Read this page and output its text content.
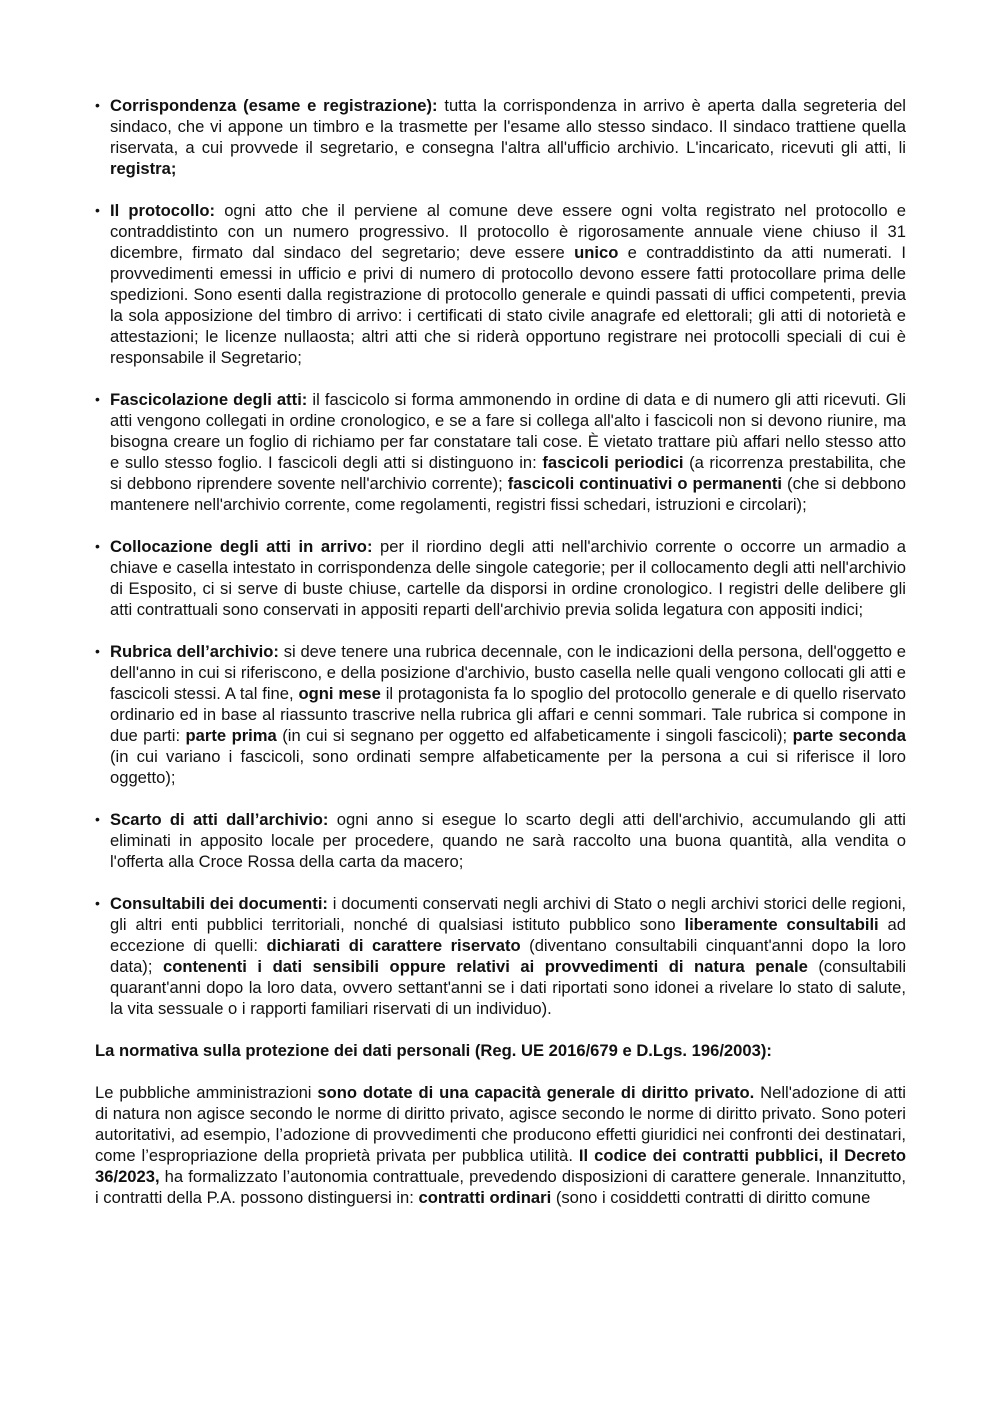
• Corrispondenza (esame e registrazione): tutta la corrispondenza in arrivo è aperta dalla segreteria del sindaco, che vi appone un timbro e la trasmette per l'esame allo stesso sindaco. Il sindaco trattiene quella riservata, a cui provvede il segretario, e consegna l'altra all'ufficio archivio. L'incaricato, ricevuti gli atti, li registra;
• Il protocollo: ogni atto che il perviene al comune deve essere ogni volta registrato nel protocollo e contraddistinto con un numero progressivo. Il protocollo è rigorosamente annuale viene chiuso il 31 dicembre, firmato dal sindaco del segretario; deve essere unico e contraddistinto da atti numerati. I provvedimenti emessi in ufficio e privi di numero di protocollo devono essere fatti protocollare prima delle spedizioni. Sono esenti dalla registrazione di protocollo generale e quindi passati di uffici competenti, previa la sola apposizione del timbro di arrivo: i certificati di stato civile anagrafe ed elettorali; gli atti di notorietà e attestazioni; le licenze nullaosta; altri atti che si riderà opportuno registrare nei protocolli speciali di cui è responsabile il Segretario;
• Fascicolazione degli atti: il fascicolo si forma ammonendo in ordine di data e di numero gli atti ricevuti. Gli atti vengono collegati in ordine cronologico, e se a fare si collega all'alto i fascicoli non si devono riunire, ma bisogna creare un foglio di richiamo per far constatare tali cose. È vietato trattare più affari nello stesso atto e sullo stesso foglio. I fascicoli degli atti si distinguono in: fascicoli periodici (a ricorrenza prestabilita, che si debbono riprendere sovente nell'archivio corrente); fascicoli continuativi o permanenti (che si debbono mantenere nell'archivio corrente, come regolamenti, registri fissi schedari, istruzioni e circolari);
• Collocazione degli atti in arrivo: per il riordino degli atti nell'archivio corrente o occorre un armadio a chiave e casella intestato in corrispondenza delle singole categorie; per il collocamento degli atti nell'archivio di Esposito, ci si serve di buste chiuse, cartelle da disporsi in ordine cronologico. I registri delle delibere gli atti contrattuali sono conservati in appositi reparti dell'archivio previa solida legatura con appositi indici;
• Rubrica dell’archivio: si deve tenere una rubrica decennale, con le indicazioni della persona, dell'oggetto e dell'anno in cui si riferiscono, e della posizione d'archivio, busto casella nelle quali vengono collocati gli atti e fascicoli stessi. A tal fine, ogni mese il protagonista fa lo spoglio del protocollo generale e di quello riservato ordinario ed in base al riassunto trascrive nella rubrica gli affari e cenni sommari. Tale rubrica si compone in due parti: parte prima (in cui si segnano per oggetto ed alfabeticamente i singoli fascicoli); parte seconda (in cui variano i fascicoli, sono ordinati sempre alfabeticamente per la persona a cui si riferisce il loro oggetto);
• Scarto di atti dall’archivio: ogni anno si esegue lo scarto degli atti dell'archivio, accumulando gli atti eliminati in apposito locale per procedere, quando ne sarà raccolto una buona quantità, alla vendita o l'offerta alla Croce Rossa della carta da macero;
• Consultabili dei documenti: i documenti conservati negli archivi di Stato o negli archivi storici delle regioni, gli altri enti pubblici territoriali, nonché di qualsiasi istituto pubblico sono liberamente consultabili ad eccezione di quelli: dichiarati di carattere riservato (diventano consultabili cinquant'anni dopo la loro data); contenenti i dati sensibili oppure relativi ai provvedimenti di natura penale (consultabili quarant'anni dopo la loro data, ovvero settant'anni se i dati riportati sono idonei a rivelare lo stato di salute, la vita sessuale o i rapporti familiari riservati di un individuo).

La normativa sulla protezione dei dati personali (Reg. UE 2016/679 e D.Lgs. 196/2003):

Le pubbliche amministrazioni sono dotate di una capacità generale di diritto privato. Nell'adozione di atti di natura non agisce secondo le norme di diritto privato, agisce secondo le norme di diritto privato. Sono poteri autoritativi, ad esempio, l’adozione di provvedimenti che producono effetti giuridici nei confronti dei destinatari, come l’espropriazione della proprietà privata per pubblica utilità. Il codice dei contratti pubblici, il Decreto 36/2023, ha formalizzato l’autonomia contrattuale, prevedendo disposizioni di carattere generale. Innanzitutto, i contratti della P.A. possono distinguersi in: contratti ordinari (sono i cosiddetti contratti di diritto comune
